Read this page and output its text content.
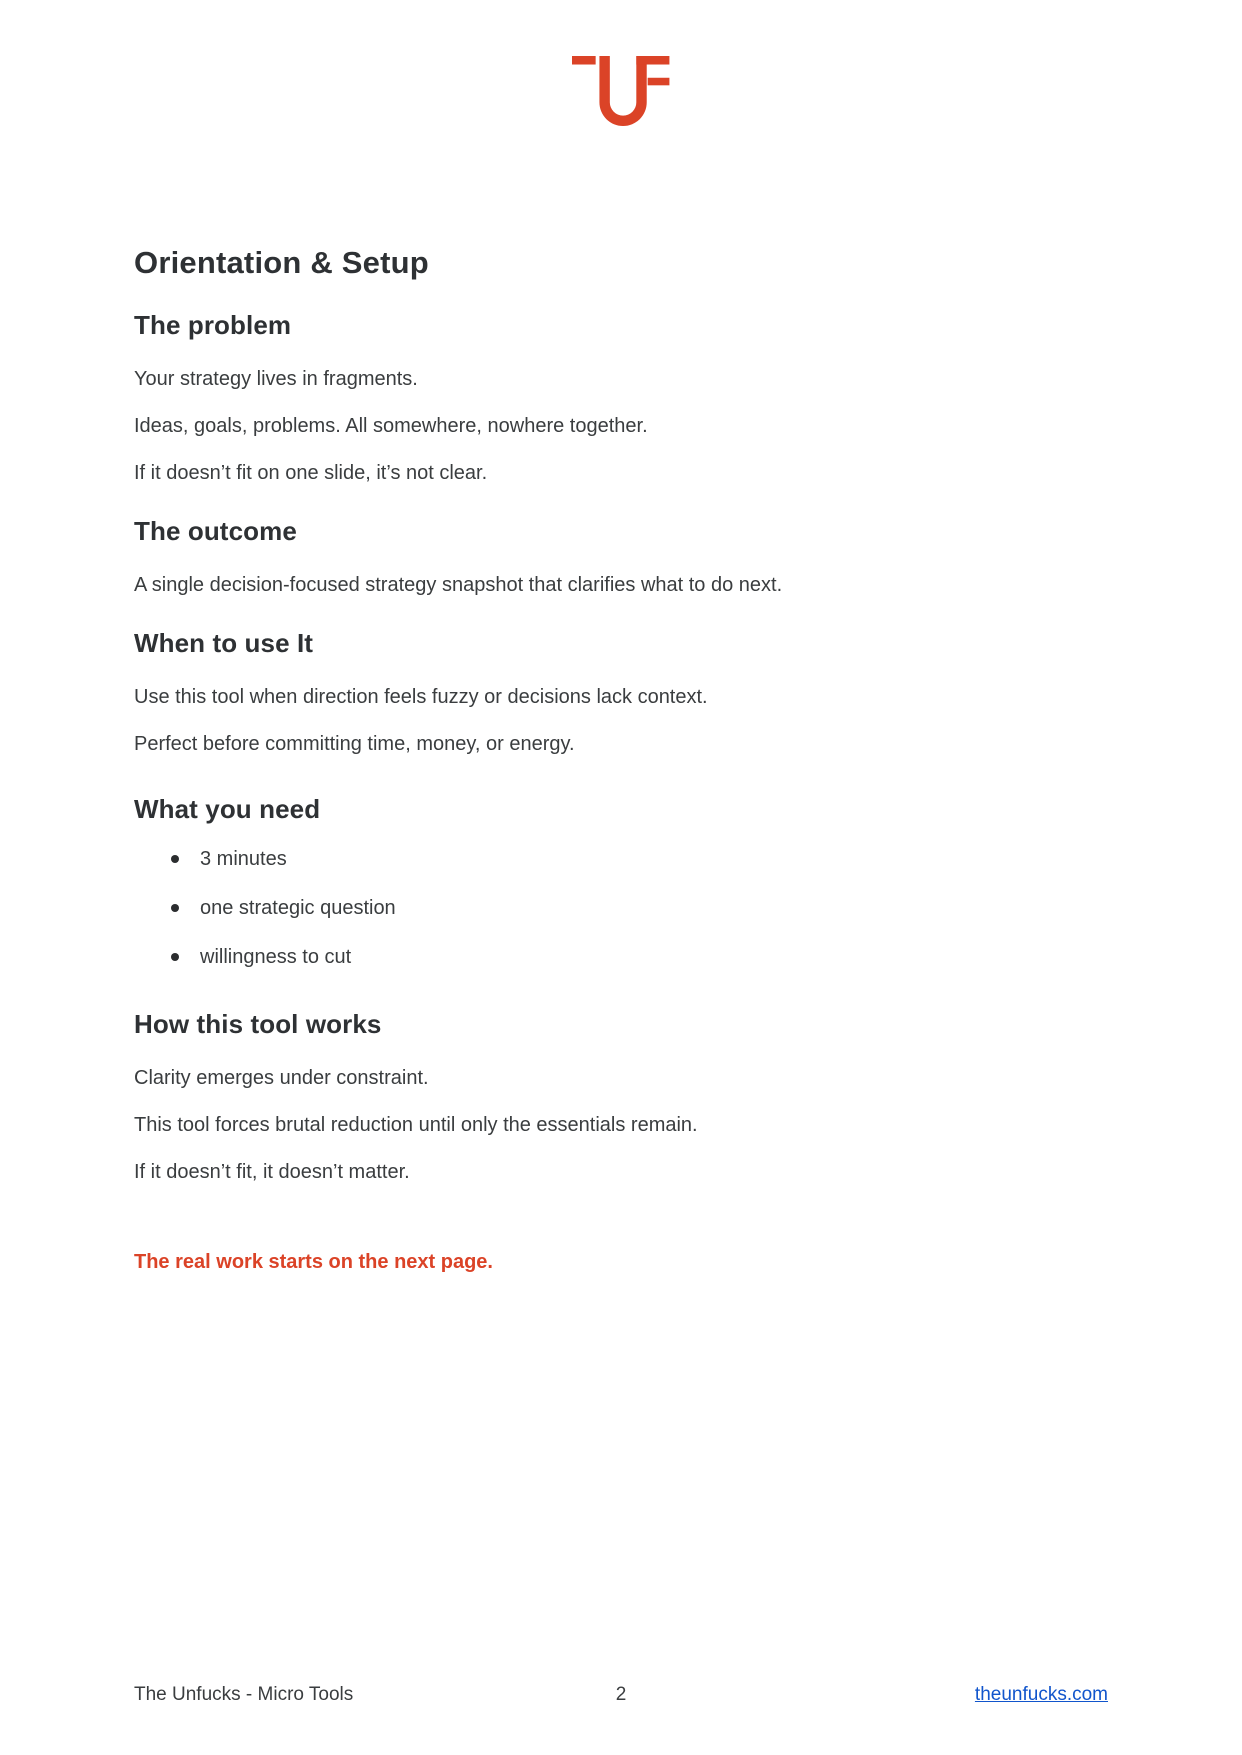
Orientation & Setup
The problem

Your strategy lives in fragments.

Ideas, goals, problems. All somewhere, nowhere together.

If it doesn’t fit on one slide, it’s not clear.

The outcome

A single decision-focused strategy snapshot that clarifies what to do next.

When to use It

Use this tool when direction feels fuzzy or decisions lack context.

Perfect before committing time, money, or energy.

What you need
3 minutes
one strategic question
willingness to cut
How this tool works

Clarity emerges under constraint.

This tool forces brutal reduction until only the essentials remain.

If it doesn’t fit, it doesn’t matter.

The real work starts on the next page.

The Unfucks - Micro Tools	2	theunfucks.com
